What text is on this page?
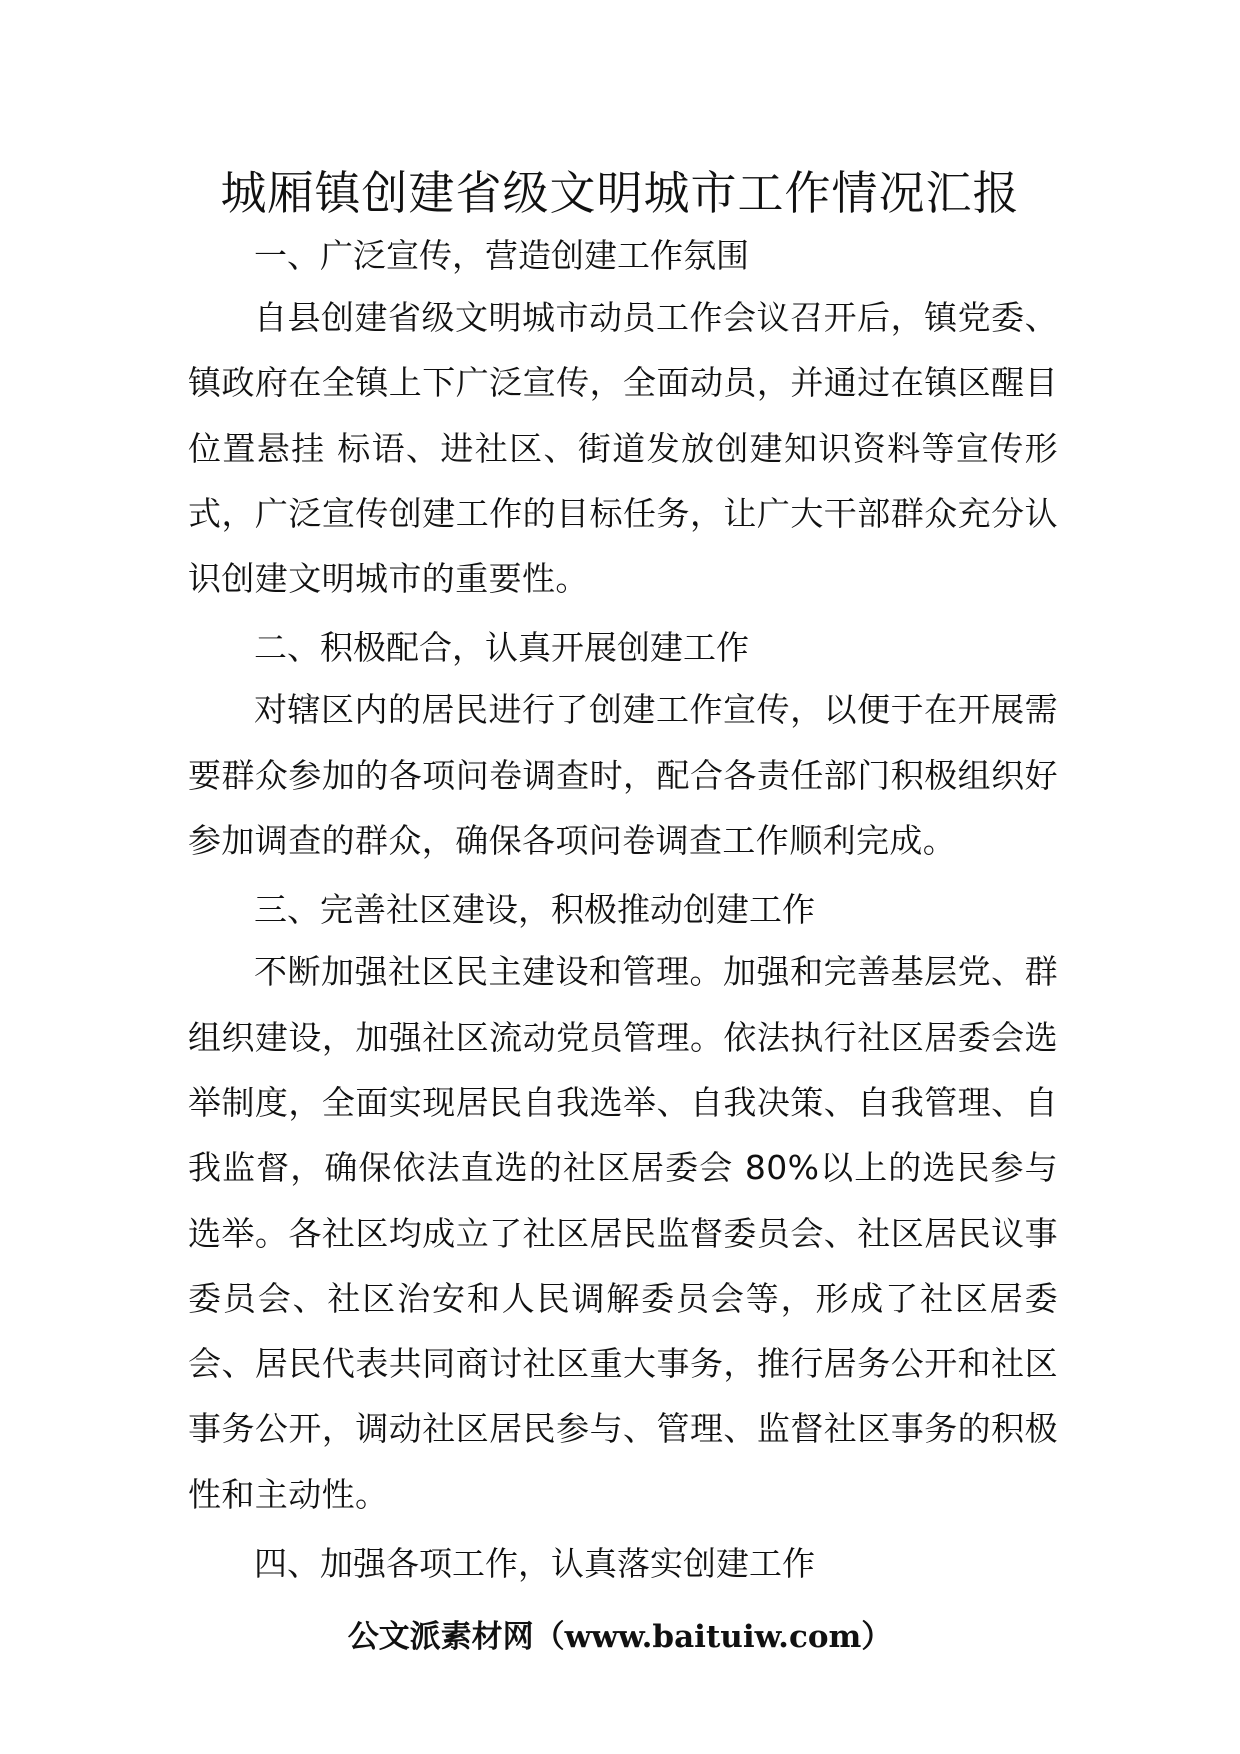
城厢镇创建省级文明城市工作情况汇报

一、广泛宣传，营造创建工作氛围

自县创建省级文明城市动员工作会议召开后，镇党委、镇政府在全镇上下广泛宣传，全面动员，并通过在镇区醒目位置悬挂 标语、进社区、街道发放创建知识资料等宣传形式，广泛宣传创建工作的目标任务，让广大干部群众充分认识创建文明城市的重要性。

二、积极配合，认真开展创建工作

对辖区内的居民进行了创建工作宣传，以便于在开展需要群众参加的各项问卷调查时，配合各责任部门积极组织好参加调查的群众，确保各项问卷调查工作顺利完成。

三、完善社区建设，积极推动创建工作

不断加强社区民主建设和管理。加强和完善基层党、群组织建设，加强社区流动党员管理。依法执行社区居委会选举制度，全面实现居民自我选举、自我决策、自我管理、自我监督，确保依法直选的社区居委会 80%以上的选民参与选举。各社区均成立了社区居民监督委员会、社区居民议事委员会、社区治安和人民调解委员会等，形成了社区居委会、居民代表共同商讨社区重大事务，推行居务公开和社区事务公开，调动社区居民参与、管理、监督社区事务的积极性和主动性。

四、加强各项工作，认真落实创建工作

公文派素材网（www.baituiw.com）
